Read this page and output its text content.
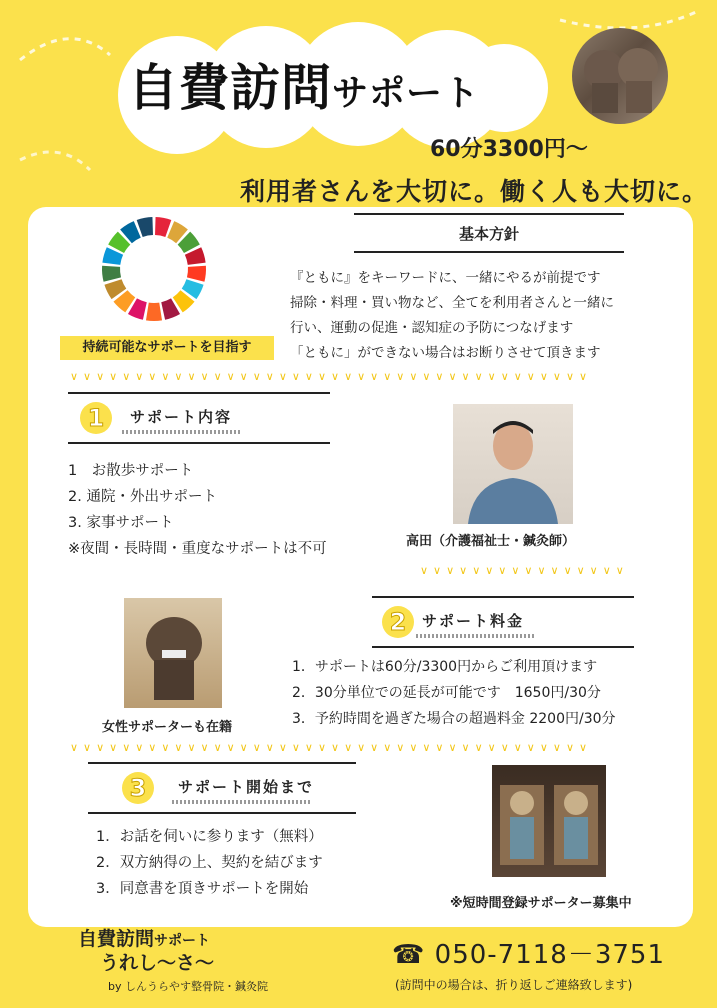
自費訪問サポート
60分3300円～
利用者さんを大切に。働く人も大切に。
持続可能なサポートを目指す
基本方針
『ともに』をキーワードに、一緒にやるが前提です
掃除・料理・買い物など、全てを利用者さんと一緒に
行い、運動の促進・認知症の予防につなげます
「ともに」ができない場合はお断りさせて頂きます
∨∨∨∨∨∨∨∨∨∨∨∨∨∨∨∨∨∨∨∨∨∨∨∨∨∨∨∨∨∨∨∨∨∨∨∨∨∨∨∨
1	サポート内容
1　お散歩サポート
2. 通院・外出サポート
3. 家事サポート
※夜間・長時間・重度なサポートは不可	高田（介護福祉士・鍼灸師）
∨∨∨∨∨∨∨∨∨∨∨∨∨∨∨∨
女性サポーターも在籍
2	サポート料金
1．サポートは60分/3300円からご利用頂けます
2．30分単位での延長が可能です　1650円/30分
3．予約時間を過ぎた場合の超過料金 2200円/30分
∨∨∨∨∨∨∨∨∨∨∨∨∨∨∨∨∨∨∨∨∨∨∨∨∨∨∨∨∨∨∨∨∨∨∨∨∨∨∨∨
3	サポート開始まで
1．お話を伺いに参ります（無料）
2．双方納得の上、契約を結びます
3．同意書を頂きサポートを開始
※短時間登録サポーター募集中
自費訪問サポート
うれし～さ～
by しんうらやす整骨院・鍼灸院
☎ 050-7118－3751
(訪問中の場合は、折り返しご連絡致します)
